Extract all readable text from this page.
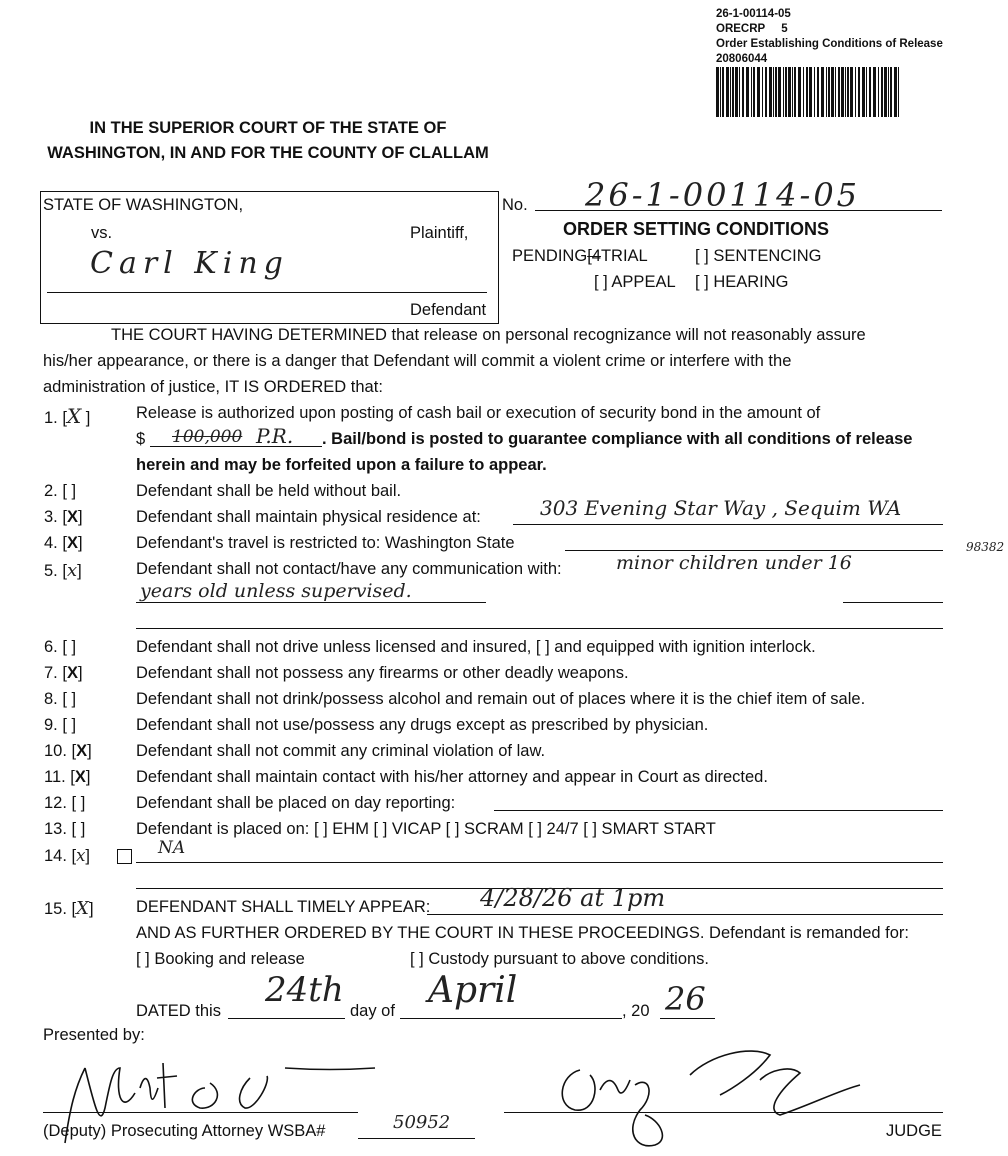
26-1-00114-05
ORECRP 5
Order Establishing Conditions of Release
20806044
IN THE SUPERIOR COURT OF THE STATE OF
WASHINGTON, IN AND FOR THE COUNTY OF CLALLAM
STATE OF WASHINGTON,
vs.	Plaintiff,
Carl King
Defendant
No. 26-1-00114-05
ORDER SETTING CONDITIONS
PENDING[4TRIAL	[ ] SENTENCING
[ ] APPEAL [ ] HEARING
THE COURT HAVING DETERMINED that release on personal recognizance will not reasonably assure
his/her appearance, or there is a danger that Defendant will commit a violent crime or interfere with the
administration of justice, IT IS ORDERED that:
1. [X ]	Release is authorized upon posting of cash bail or execution of security bond in the amount of
$ 100,000 P.R. . Bail/bond is posted to guarantee compliance with all conditions of release
herein and may be forfeited upon a failure to appear.
2. [ ]	Defendant shall be held without bail.
3. [X]	Defendant shall maintain physical residence at:	303 Evening Star Way , Sequim WA
98382
4. [X]	Defendant's travel is restricted to: Washington State
5. [x]	Defendant shall not contact/have any communication with:	minor children under 16
years old unless supervised.
6. [ ]	Defendant shall not drive unless licensed and insured, [ ] and equipped with ignition interlock.
7. [X]	Defendant shall not possess any firearms or other deadly weapons.
8. [ ]	Defendant shall not drink/possess alcohol and remain out of places where it is the chief item of sale.
9. [ ]	Defendant shall not use/possess any drugs except as prescribed by physician.
10. [X]	Defendant shall not commit any criminal violation of law.
11. [X]	Defendant shall maintain contact with his/her attorney and appear in Court as directed.
12. [ ]	Defendant shall be placed on day reporting:
13. [ ]	Defendant is placed on: [ ] EHM [ ] VICAP [ ] SCRAM [ ] 24/7 [ ] SMART START
14. [x]	NA
15. [X]	DEFENDANT SHALL TIMELY APPEAR: 4/28/26 at 1pm
AND AS FURTHER ORDERED BY THE COURT IN THESE PROCEEDINGS. Defendant is remanded for:
[ ] Booking and release	[ ] Custody pursuant to above conditions.
DATED this
24th
day of April	, 20 26
Presented by:
(Deputy) Prosecuting Attorney WSBA#	50952	JUDGE
